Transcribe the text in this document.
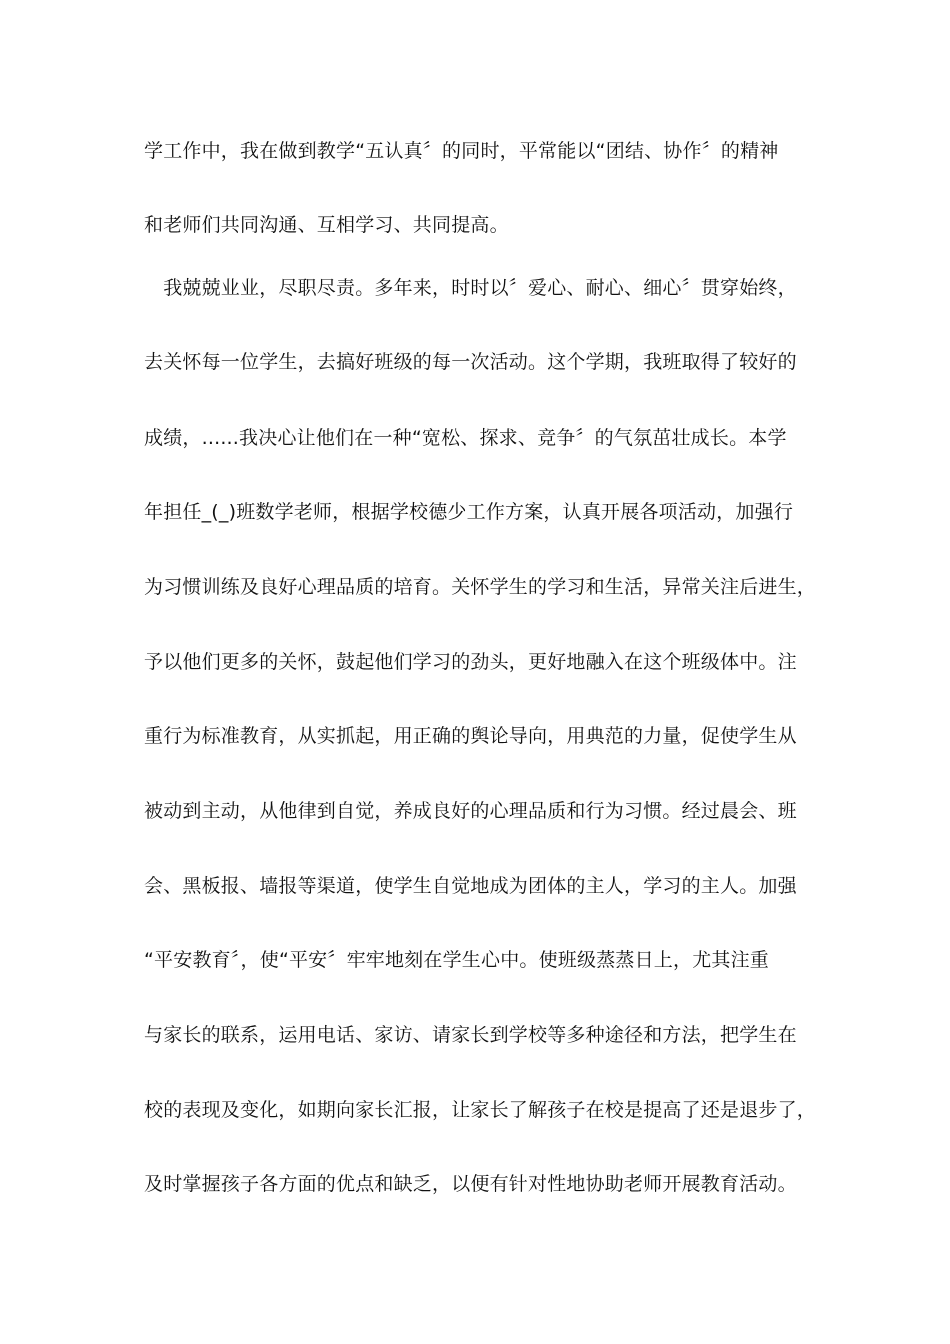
学工作中，我在做到教学“五认真〞的同时，平常能以“团结、协作〞的精神
和老师们共同沟通、互相学习、共同提高。
　我兢兢业业，尽职尽责。多年来，时时以〞爱心、耐心、细心〞贯穿始终，
去关怀每一位学生，去搞好班级的每一次活动。这个学期，我班取得了较好的
成绩，......我决心让他们在一种“宽松、探求、竞争〞的气氛茁壮成长。本学
年担任_(_)班数学老师，根据学校德少工作方案，认真开展各项活动，加强行
为习惯训练及良好心理品质的培育。关怀学生的学习和生活，异常关注后进生，
予以他们更多的关怀，鼓起他们学习的劲头，更好地融入在这个班级体中。注
重行为标准教育，从实抓起，用正确的舆论导向，用典范的力量，促使学生从
被动到主动，从他律到自觉，养成良好的心理品质和行为习惯。经过晨会、班
会、黑板报、墙报等渠道，使学生自觉地成为团体的主人，学习的主人。加强
“平安教育〞，使“平安〞牢牢地刻在学生心中。使班级蒸蒸日上，尤其注重
与家长的联系，运用电话、家访、请家长到学校等多种途径和方法，把学生在
校的表现及变化，如期向家长汇报，让家长了解孩子在校是提高了还是退步了，
及时掌握孩子各方面的优点和缺乏，以便有针对性地协助老师开展教育活动。
